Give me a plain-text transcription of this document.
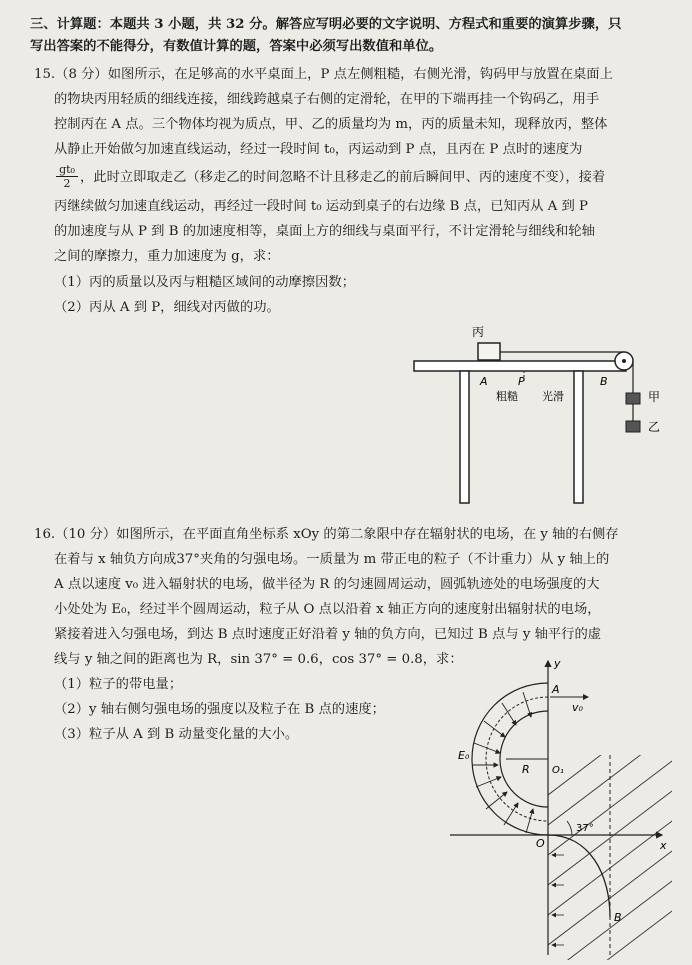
三、计算题：本题共 3 小题，共 32 分。解答应写明必要的文字说明、方程式和重要的演算步骤，只
写出答案的不能得分，有数值计算的题，答案中必须写出数值和单位。
15.（8 分）如图所示，在足够高的水平桌面上，P 点左侧粗糙，右侧光滑，钩码甲与放置在桌面上
的物块丙用轻质的细线连接，细线跨越桌子右侧的定滑轮，在甲的下端再挂一个钩码乙，用手
控制丙在 A 点。三个物体均视为质点，甲、乙的质量均为 m，丙的质量未知，现释放丙，整体
从静止开始做匀加速直线运动，经过一段时间 t₀，丙运动到 P 点，且丙在 P 点时的速度为
gt₀
2 ，此时立即取走乙（移走乙的时间忽略不计且移走乙的前后瞬间甲、丙的速度不变），接着
丙继续做匀加速直线运动，再经过一段时间 t₀ 运动到桌子的右边缘 B 点，已知丙从 A 到 P
的加速度与从 P 到 B 的加速度相等，桌面上方的细线与桌面平行，不计定滑轮与细线和轮轴
之间的摩擦力，重力加速度为 g，求：
（1）丙的质量以及丙与粗糙区域间的动摩擦因数；
（2）丙从 A 到 P，细线对丙做的功。
丙
A	P	B
粗糙 光滑	甲
乙
16.（10 分）如图所示，在平面直角坐标系 xOy 的第二象限中存在辐射状的电场，在 y 轴的右侧存
在着与 x 轴负方向成37°夹角的匀强电场。一质量为 m 带正电的粒子（不计重力）从 y 轴上的
A 点以速度 v₀ 进入辐射状的电场，做半径为 R 的匀速圆周运动，圆弧轨迹处的电场强度的大
小处处为 E₀，经过半个圆周运动，粒子从 O 点以沿着 x 轴正方向的速度射出辐射状的电场，
紧接着进入匀强电场，到达 B 点时速度正好沿着 y 轴的负方向，已知过 B 点与 y 轴平行的虚
线与 y 轴之间的距离也为 R，sin 37° = 0.6，cos 37° = 0.8，求：
（1）粒子的带电量；
（2）y 轴右侧匀强电场的强度以及粒子在 B 点的速度；
（3）粒子从 A 到 B 动量变化量的大小。
y
x
A
v₀
E₀
R O₁
O
37°
B
